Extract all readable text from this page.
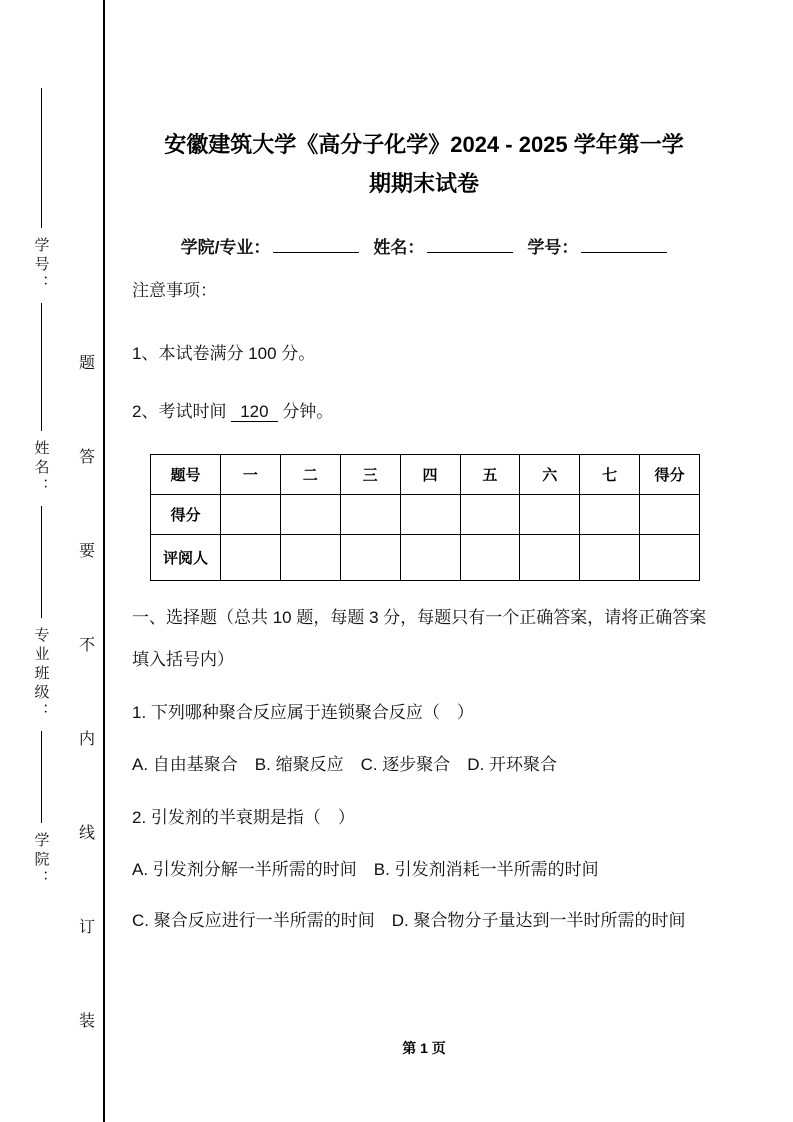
学号：
姓名：
专业班级：
学院：
题
答
要
不
内
线
订
装
安徽建筑大学《高分子化学》2024 - 2025 学年第一学
期期末试卷
学院/专业：	姓名：	学号：

注意事项：

1、本试卷满分 100 分。

2、考试时间 120 分钟。

题号	一	二	三	四	五	六	七	得分
得分								
评阅人								

一、选择题（总共 10 题，每题 3 分，每题只有一个正确答案，请将正确答案填入括号内）

1. 下列哪种聚合反应属于连锁聚合反应（　）

A. 自由基聚合　B. 缩聚反应　C. 逐步聚合　D. 开环聚合

2. 引发剂的半衰期是指（　）

A. 引发剂分解一半所需的时间　B. 引发剂消耗一半所需的时间

C. 聚合反应进行一半所需的时间　D. 聚合物分子量达到一半时所需的时间

第 1 页
